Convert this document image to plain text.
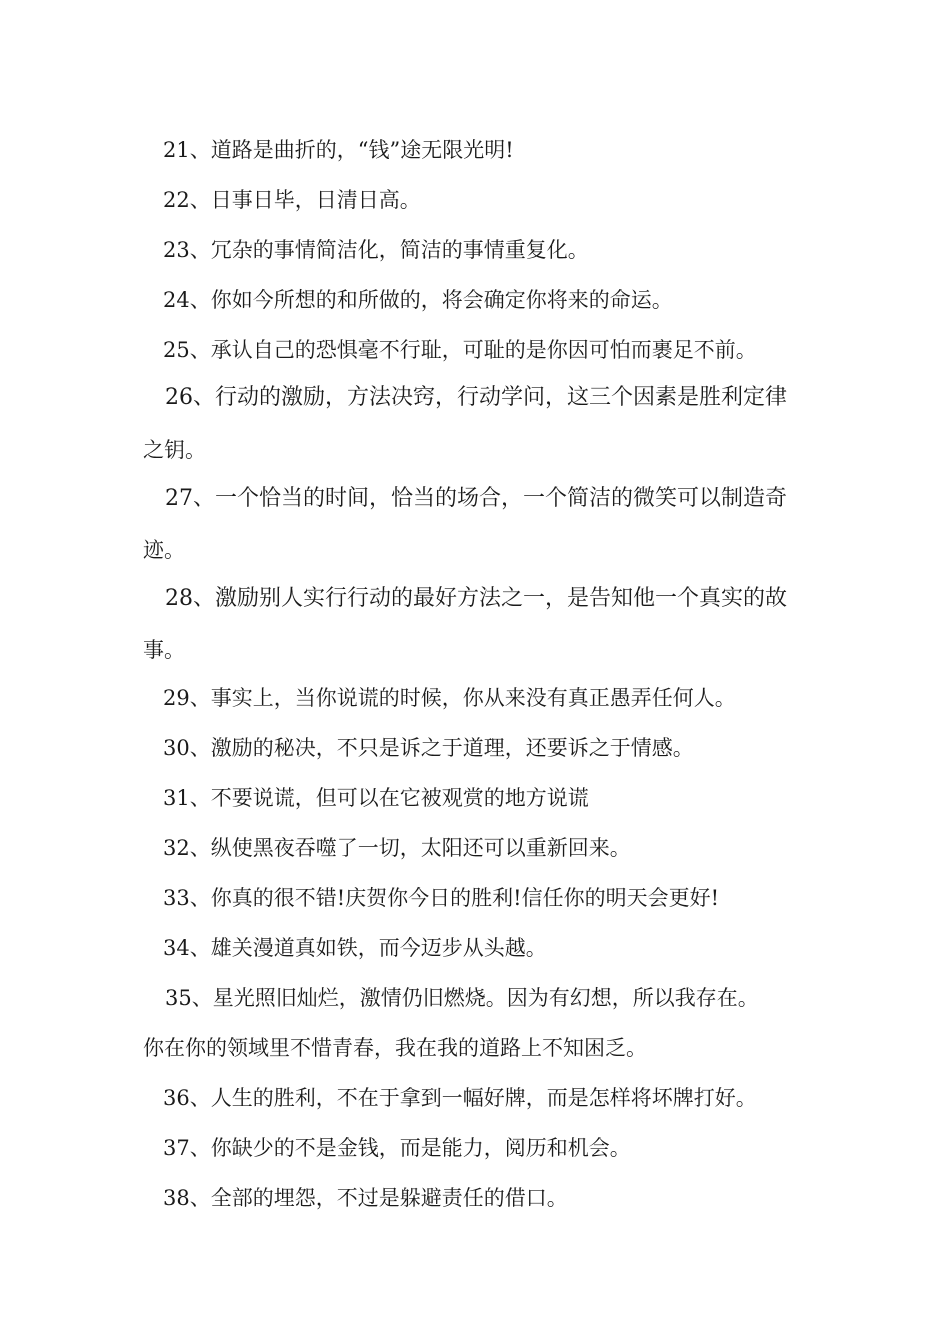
21、道路是曲折的，“钱”途无限光明!
22、日事日毕，日清日高。
23、冗杂的事情简洁化，简洁的事情重复化。
24、你如今所想的和所做的，将会确定你将来的命运。
25、承认自己的恐惧毫不行耻，可耻的是你因可怕而裹足不前。
26、行动的激励，方法决窍，行动学问，这三个因素是胜利定律
之钥。
27、一个恰当的时间，恰当的场合，一个简洁的微笑可以制造奇
迹。
28、激励别人实行行动的最好方法之一，是告知他一个真实的故
事。
29、事实上，当你说谎的时候，你从来没有真正愚弄任何人。
30、激励的秘决，不只是诉之于道理，还要诉之于情感。
31、不要说谎，但可以在它被观赏的地方说谎
32、纵使黑夜吞噬了一切，太阳还可以重新回来。
33、你真的很不错!庆贺你今日的胜利!信任你的明天会更好!
34、雄关漫道真如铁，而今迈步从头越。
35、星光照旧灿烂，激情仍旧燃烧。因为有幻想，所以我存在。
你在你的领域里不惜青春，我在我的道路上不知困乏。
36、人生的胜利，不在于拿到一幅好牌，而是怎样将坏牌打好。
37、你缺少的不是金钱，而是能力，阅历和机会。
38、全部的埋怨，不过是躲避责任的借口。
